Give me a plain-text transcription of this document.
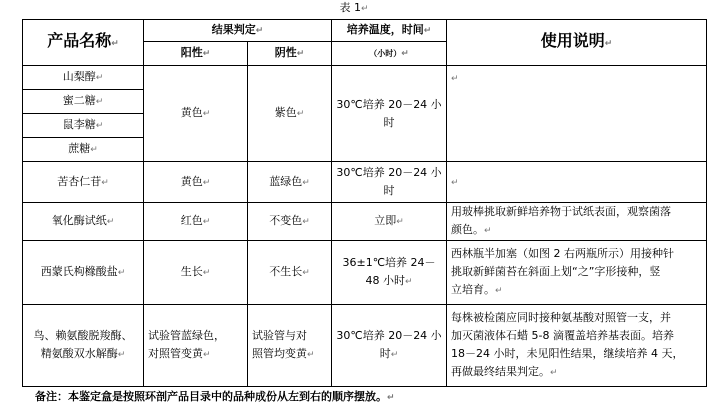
表 1↵
产品名称↵	结果判定↵		培养温度，时间↵	使用说明↵
	阳性↵	阴性↵	（小时）↵	
山梨醇↵	黄色↵	紫色↵	30℃培养 20－24 小
时	↵
蜜二糖↵				
鼠李糖↵				
蔗糖↵				
苦杏仁苷↵	黄色↵	蓝绿色↵	30℃培养 20－24 小
时	↵
氧化酶试纸↵	红色↵	不变色↵	立即↵	用玻棒挑取新鲜培养物于试纸表面，观察菌落
颜色。↵
西蒙氏枸橼酸盐↵	生长↵	不生长↵	36±1℃培养 24－
48 小时↵	西林瓶半加塞（如图 2 右两瓶所示）用接种针
挑取新鲜菌苔在斜面上划“之”字形接种，竖
立培育。↵
鸟、赖氨酸脱羧酶、
精氨酸双水解酶↵	试验管蓝绿色，
对照管变黄↵	试验管与对
照管均变黄↵	30℃培养 20－24 小
时↵	每株被检菌应同时接种氨基酸对照管一支，并
加灭菌液体石蜡 5-8 滴覆盖培养基表面。培养
18－24 小时，未见阳性结果，继续培养 4 天，
再做最终结果判定。↵
备注：本鉴定盒是按照环剖产品目录中的品种成份从左到右的顺序摆放。↵
